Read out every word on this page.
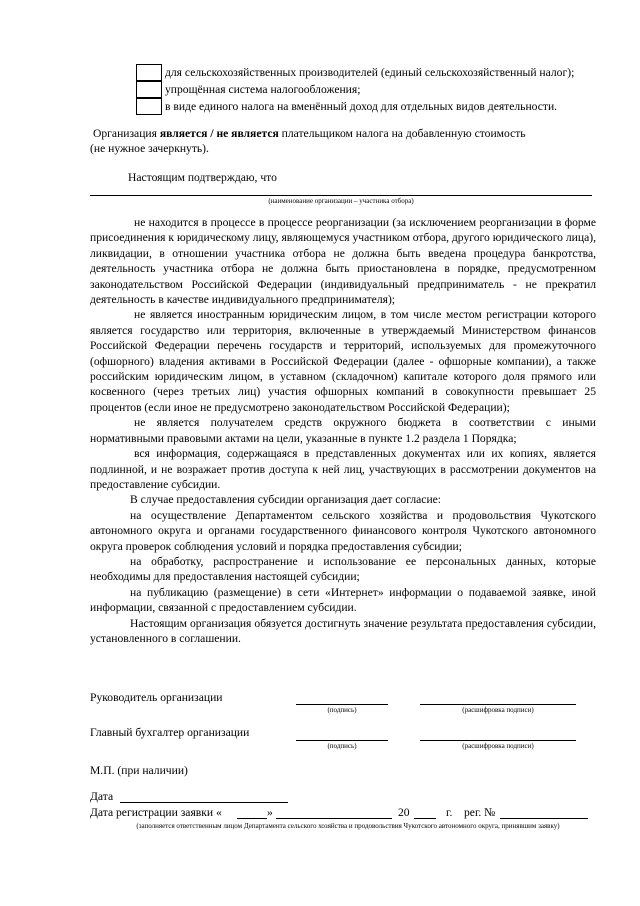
для сельскохозяйственных производителей (единый сельскохозяйственный налог);
упрощённая система налогообложения;
в виде единого налога на вменённый доход для отдельных видов деятельности.
Организация является / не является плательщиком налога на добавленную стоимость
(не нужное зачеркнуть).
Настоящим подтверждаю, что
(наименование организации – участника отбора)

не находится в процессе в процессе реорганизации (за исключением реорганизации в форме присоединения к юридическому лицу, являющемуся участником отбора, другого юридического лица), ликвидации, в отношении участника отбора не должна быть введена процедура банкротства, деятельность участника отбора не должна быть приостановлена в порядке, предусмотренном законодательством Российской Федерации (индивидуальный предприниматель - не прекратил деятельность в качестве индивидуального предпринимателя);

не является иностранным юридическим лицом, в том числе местом регистрации которого является государство или территория, включенные в утверждаемый Министерством финансов Российской Федерации перечень государств и территорий, используемых для промежуточного (офшорного) владения активами в Российской Федерации (далее - офшорные компании), а также российским юридическим лицом, в уставном (складочном) капитале которого доля прямого или косвенного (через третьих лиц) участия офшорных компаний в совокупности превышает 25 процентов (если иное не предусмотрено законодательством Российской Федерации);

не является получателем средств окружного бюджета в соответствии с иными нормативными правовыми актами на цели, указанные в пункте 1.2 раздела 1 Порядка;

вся информация, содержащаяся в представленных документах или их копиях, является подлинной, и не возражает против доступа к ней лиц, участвующих в рассмотрении документов на предоставление субсидии.

В случае предоставления субсидии организация дает согласие:

на осуществление Департаментом сельского хозяйства и продовольствия Чукотского автономного округа и органами государственного финансового контроля Чукотского автономного округа проверок соблюдения условий и порядка предоставления субсидии;

на обработку, распространение и использование ее персональных данных, которые необходимы для предоставления настоящей субсидии;

на публикацию (размещение) в сети «Интернет» информации о подаваемой заявке, иной информации, связанной с предоставлением субсидии.

Настоящим организация обязуется достигнуть значение результата предоставления субсидии, установленного в соглашении.

Руководитель организации
(подпись)	(расшифровка подписи)
Главный бухгалтер организации
(подпись)	(расшифровка подписи)
М.П. (при наличии)
Дата
Дата регистрации заявки «	»	20	г. рег. №
(заполняется ответственным лицом Департамента сельского хозяйства и продовольствия Чукотского автономного округа, принявшим заявку)
